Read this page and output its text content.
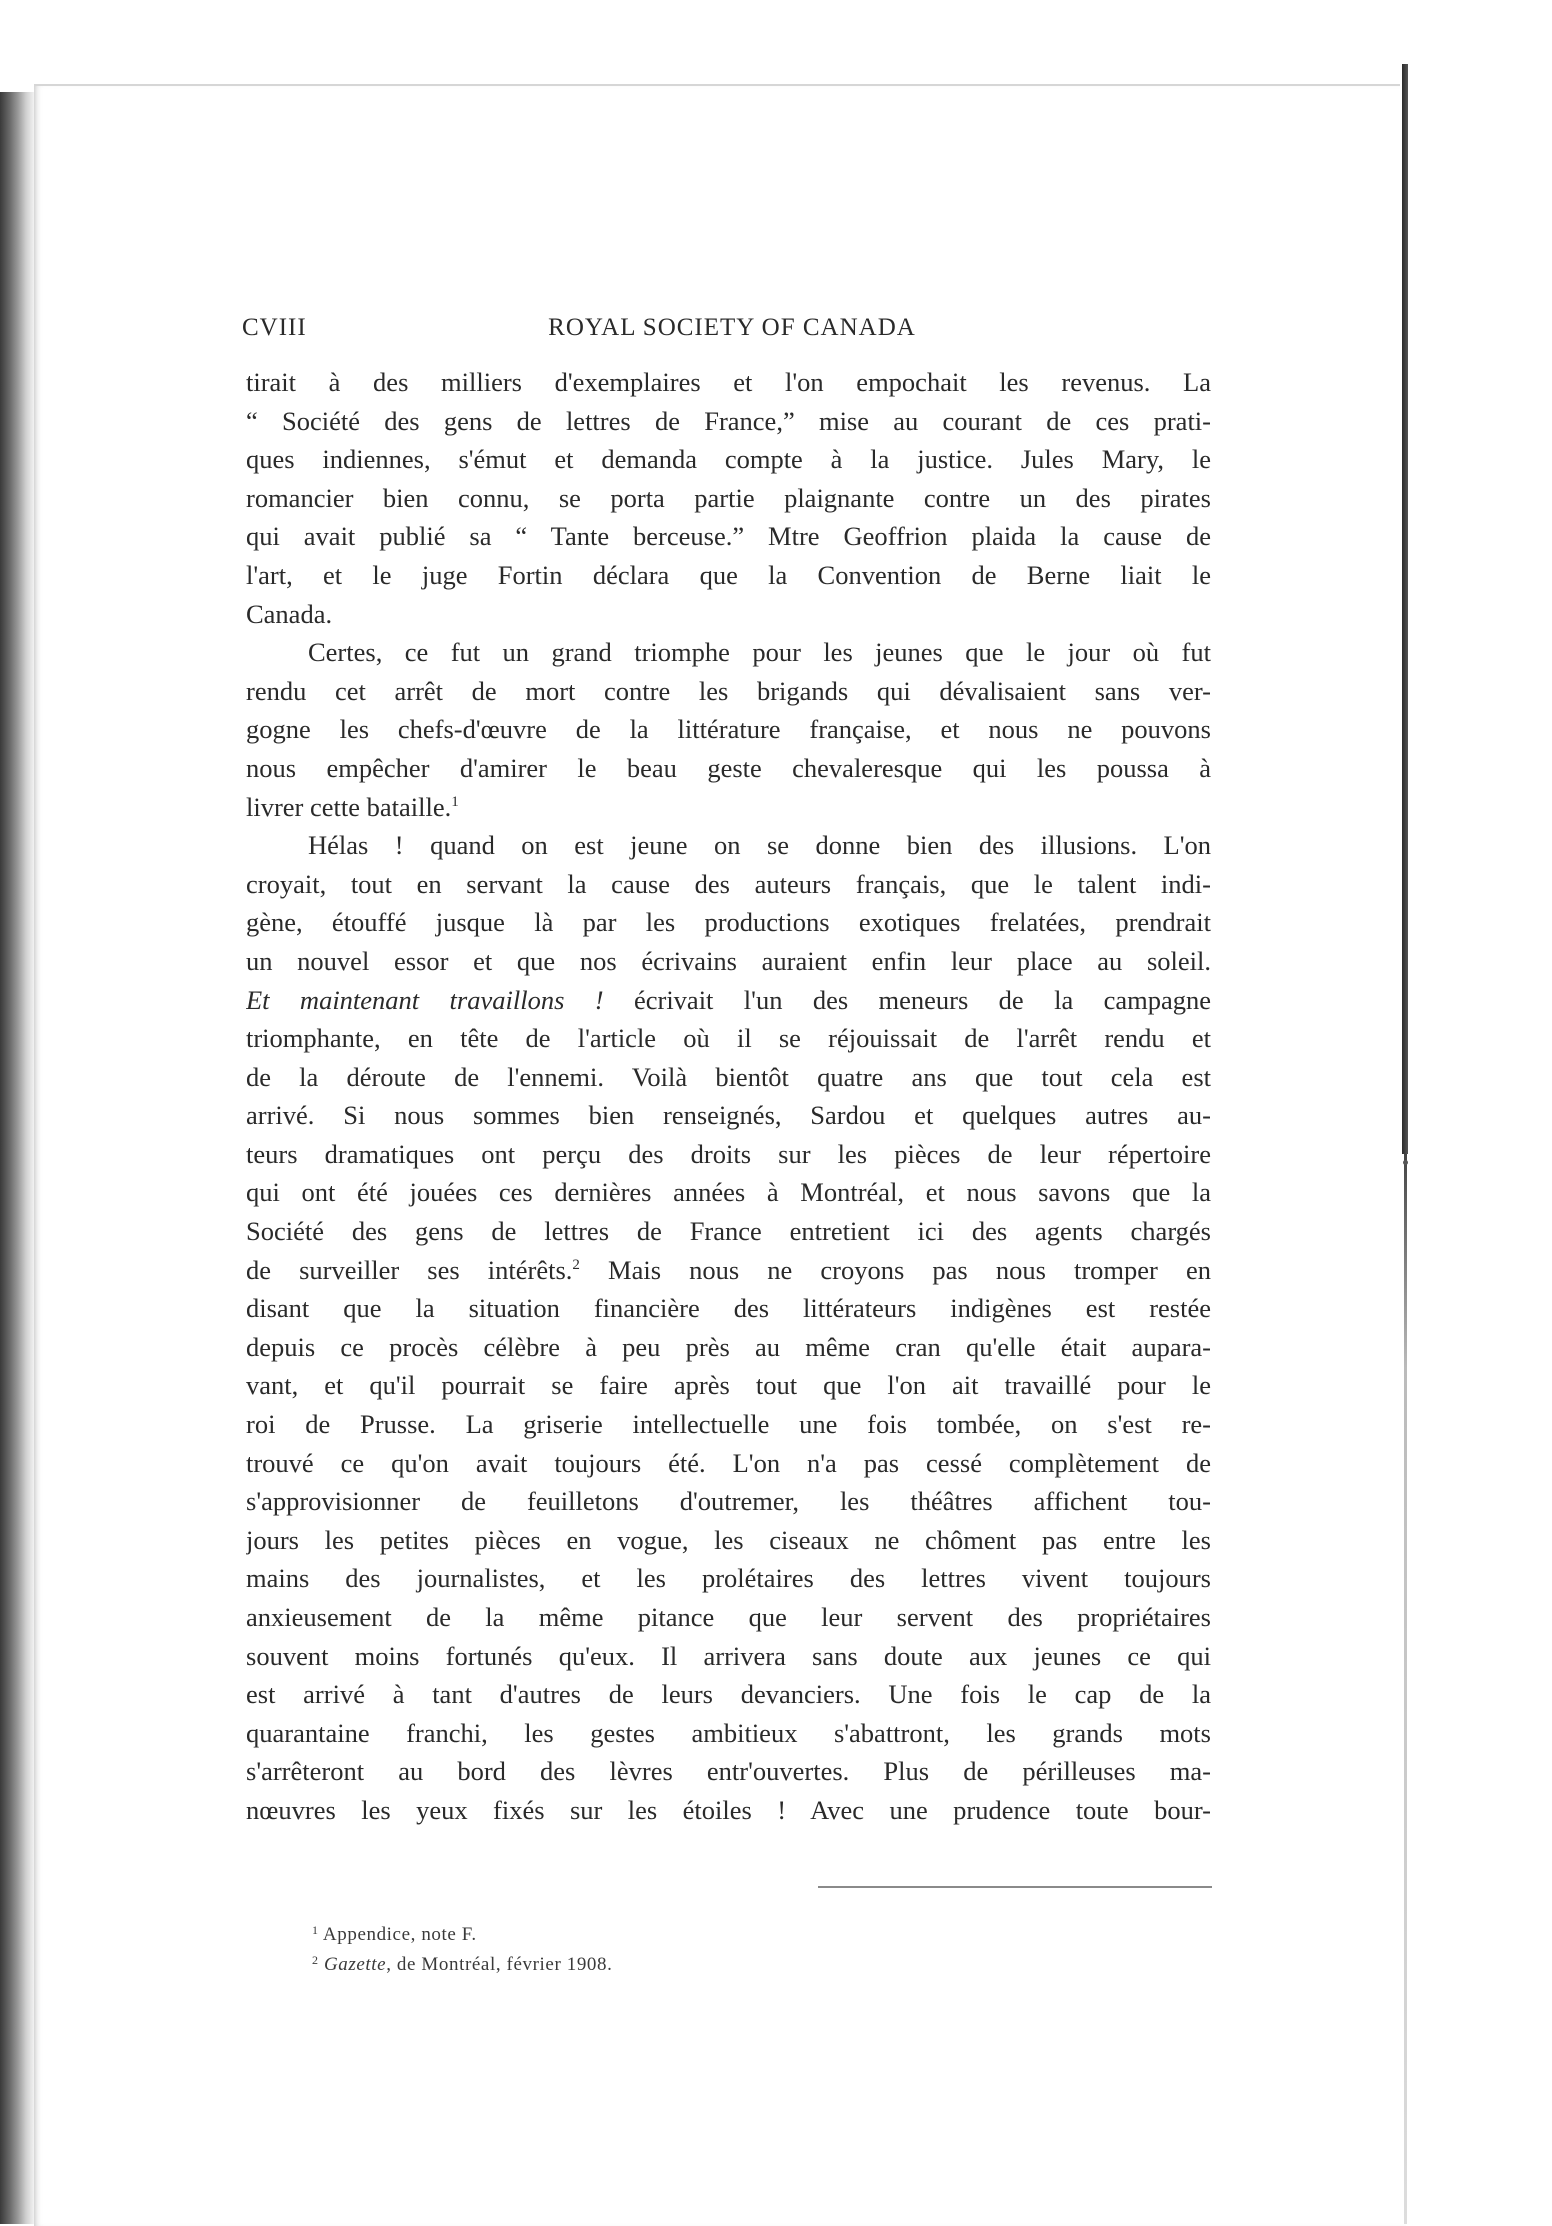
CVIII	ROYAL SOCIETY OF CANADA
tirait à des milliers d'exemplaires et l'on empochait les revenus. La
“ Société des gens de lettres de France,” mise au courant de ces prati-
ques indiennes, s'émut et demanda compte à la justice. Jules Mary, le
romancier bien connu, se porta partie plaignante contre un des pirates
qui avait publié sa “ Tante berceuse.” Mtre Geoffrion plaida la cause de
l'art, et le juge Fortin déclara que la Convention de Berne liait le
Canada.
Certes, ce fut un grand triomphe pour les jeunes que le jour où fut
rendu cet arrêt de mort contre les brigands qui dévalisaient sans ver-
gogne les chefs-d'œuvre de la littérature française, et nous ne pouvons
nous empêcher d'amirer le beau geste chevaleresque qui les poussa à
livrer cette bataille.$^1$
Hélas ! quand on est jeune on se donne bien des illusions. L'on
croyait, tout en servant la cause des auteurs français, que le talent indi-
gène, étouffé jusque là par les productions exotiques frelatées, prendrait
un nouvel essor et que nos écrivains auraient enfin leur place au soleil.
Et maintenant travaillons ! écrivait l'un des meneurs de la campagne
triomphante, en tête de l'article où il se réjouissait de l'arrêt rendu et
de la déroute de l'ennemi. Voilà bientôt quatre ans que tout cela est
arrivé. Si nous sommes bien renseignés, Sardou et quelques autres au-
teurs dramatiques ont perçu des droits sur les pièces de leur répertoire
qui ont été jouées ces dernières années à Montréal, et nous savons que la
Société des gens de lettres de France entretient ici des agents chargés
de surveiller ses intérêts.$^2$ Mais nous ne croyons pas nous tromper en
disant que la situation financière des littérateurs indigènes est restée
depuis ce procès célèbre à peu près au même cran qu'elle était aupara-
vant, et qu'il pourrait se faire après tout que l'on ait travaillé pour le
roi de Prusse. La griserie intellectuelle une fois tombée, on s'est re-
trouvé ce qu'on avait toujours été. L'on n'a pas cessé complètement de
s'approvisionner de feuilletons d'outremer, les théâtres affichent tou-
jours les petites pièces en vogue, les ciseaux ne chôment pas entre les
mains des journalistes, et les prolétaires des lettres vivent toujours
anxieusement de la même pitance que leur servent des propriétaires
souvent moins fortunés qu'eux. Il arrivera sans doute aux jeunes ce qui
est arrivé à tant d'autres de leurs devanciers. Une fois le cap de la
quarantaine franchi, les gestes ambitieux s'abattront, les grands mots
s'arrêteront au bord des lèvres entr'ouvertes. Plus de périlleuses ma-
nœuvres les yeux fixés sur les étoiles ! Avec une prudence toute bour-
$^1$ Appendice, note F.
$^2$ Gazette, de Montréal, février 1908.
